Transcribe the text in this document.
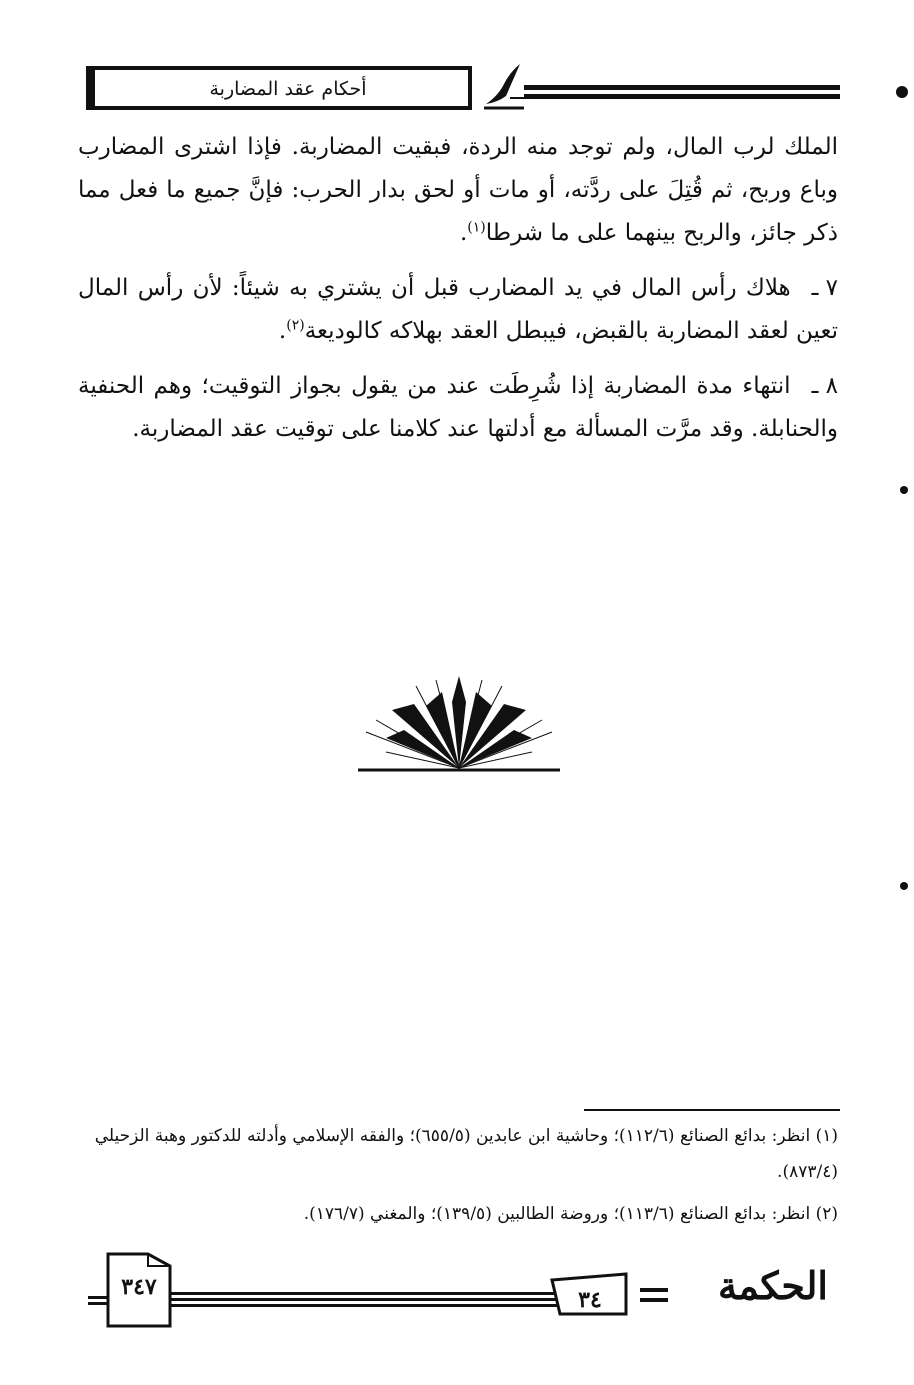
أحكام عقد المضاربة

الملك لرب المال، ولم توجد منه الردة، فبقيت المضاربة. فإذا اشترى المضارب وباع وربح، ثم قُتِلَ على ردَّته، أو مات أو لحق بدار الحرب: فإنَّ جميع ما فعل مما ذكر جائز، والربح بينهما على ما شرطا$^{(١)}$.

٧ ـ هلاك رأس المال في يد المضارب قبل أن يشتري به شيئاً: لأن رأس المال تعين لعقد المضاربة بالقبض، فيبطل العقد بهلاكه كالوديعة$^{(٢)}$.

٨ ـ انتهاء مدة المضاربة إذا شُرِطَت عند من يقول بجواز التوقيت؛ وهم الحنفية والحنابلة. وقد مرَّت المسألة مع أدلتها عند كلامنا على توقيت عقد المضاربة.

(١) انظر: بدائع الصنائع (١١٢/٦)؛ وحاشية ابن عابدين (٦٥٥/٥)؛ والفقه الإسلامي وأدلته للدكتور وهبة الزحيلي (٨٧٣/٤).

(٢) انظر: بدائع الصنائع (١١٣/٦)؛ وروضة الطالبين (١٣٩/٥)؛ والمغني (١٧٦/٧).

٣٤٧	٣٤	الحكمة
